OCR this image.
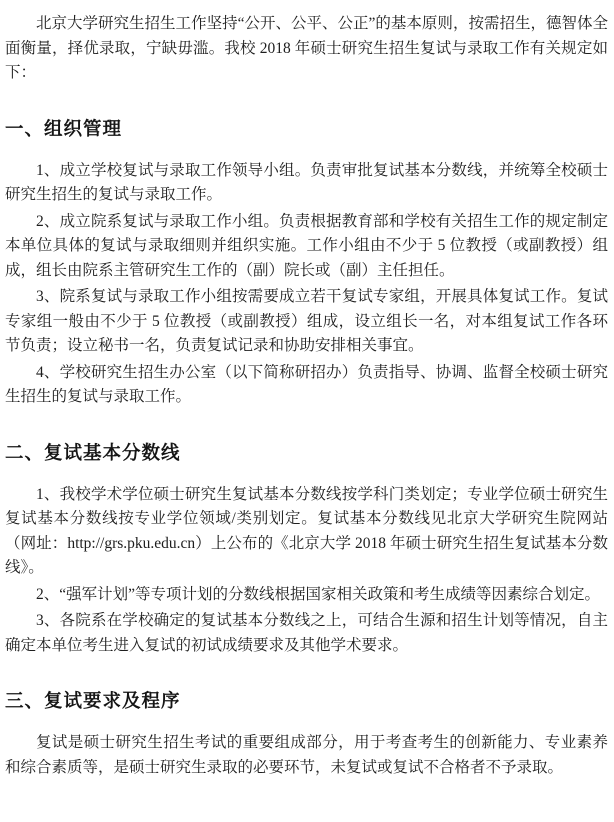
北京大学研究生招生工作坚持“公开、公平、公正”的基本原则，按需招生，德智体全面衡量，择优录取，宁缺毋滥。我校 2018 年硕士研究生招生复试与录取工作有关规定如下：

一、组织管理

1、成立学校复试与录取工作领导小组。负责审批复试基本分数线，并统筹全校硕士研究生招生的复试与录取工作。

2、成立院系复试与录取工作小组。负责根据教育部和学校有关招生工作的规定制定本单位具体的复试与录取细则并组织实施。工作小组由不少于 5 位教授（或副教授）组成，组长由院系主管研究生工作的（副）院长或（副）主任担任。

3、院系复试与录取工作小组按需要成立若干复试专家组，开展具体复试工作。复试专家组一般由不少于 5 位教授（或副教授）组成，设立组长一名，对本组复试工作各环节负责；设立秘书一名，负责复试记录和协助安排相关事宜。

4、学校研究生招生办公室（以下简称研招办）负责指导、协调、监督全校硕士研究生招生的复试与录取工作。

二、复试基本分数线

1、我校学术学位硕士研究生复试基本分数线按学科门类划定；专业学位硕士研究生复试基本分数线按专业学位领域/类别划定。复试基本分数线见北京大学研究生院网站（网址：http://grs.pku.edu.cn）上公布的《北京大学 2018 年硕士研究生招生复试基本分数线》。

2、“强军计划”等专项计划的分数线根据国家相关政策和考生成绩等因素综合划定。

3、各院系在学校确定的复试基本分数线之上，可结合生源和招生计划等情况，自主确定本单位考生进入复试的初试成绩要求及其他学术要求。

三、复试要求及程序

复试是硕士研究生招生考试的重要组成部分，用于考查考生的创新能力、专业素养和综合素质等，是硕士研究生录取的必要环节，未复试或复试不合格者不予录取。
